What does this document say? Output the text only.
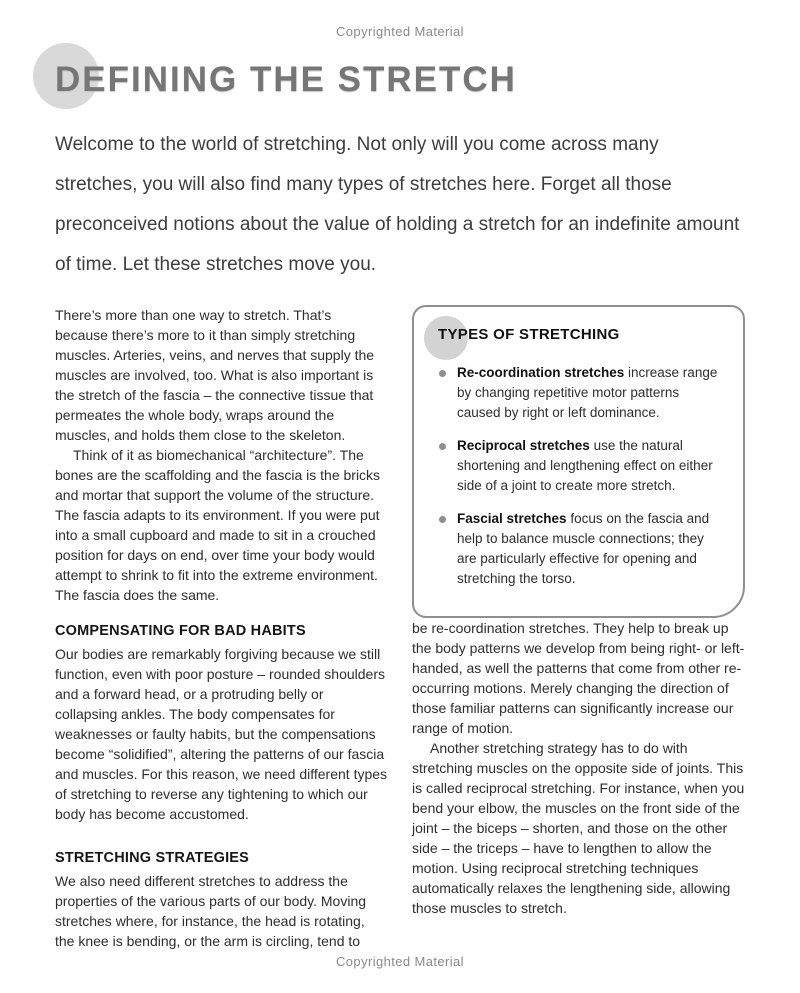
Copyrighted Material
DEFINING THE STRETCH

Welcome to the world of stretching. Not only will you come across many stretches, you will also find many types of stretches here. Forget all those preconceived notions about the value of holding a stretch for an indefinite amount of time. Let these stretches move you.

There’s more than one way to stretch. That’s because there’s more to it than simply stretching muscles. Arteries, veins, and nerves that supply the muscles are involved, too. What is also important is the stretch of the fascia – the connective tissue that permeates the whole body, wraps around the muscles, and holds them close to the skeleton.

Think of it as biomechanical “architecture”. The bones are the scaffolding and the fascia is the bricks and mortar that support the volume of the structure. The fascia adapts to its environment. If you were put into a small cupboard and made to sit in a crouched position for days on end, over time your body would attempt to shrink to fit into the extreme environment. The fascia does the same.

COMPENSATING FOR BAD HABITS

Our bodies are remarkably forgiving because we still function, even with poor posture – rounded shoulders and a forward head, or a protruding belly or collapsing ankles. The body compensates for weaknesses or faulty habits, but the compensations become “solidified”, altering the patterns of our fascia and muscles. For this reason, we need different types of stretching to reverse any tightening to which our body has become accustomed.

STRETCHING STRATEGIES

We also need different stretches to address the properties of the various parts of our body. Moving stretches where, for instance, the head is rotating, the knee is bending, or the arm is circling, tend to

TYPES OF STRETCHING
Re-coordination stretches increase range by changing repetitive motor patterns caused by right or left dominance.
Reciprocal stretches use the natural shortening and lengthening effect on either side of a joint to create more stretch.
Fascial stretches focus on the fascia and help to balance muscle connections; they are particularly effective for opening and stretching the torso.

be re-coordination stretches. They help to break up the body patterns we develop from being right- or left-handed, as well the patterns that come from other re-occurring motions. Merely changing the direction of those familiar patterns can significantly increase our range of motion.

Another stretching strategy has to do with stretching muscles on the opposite side of joints. This is called reciprocal stretching. For instance, when you bend your elbow, the muscles on the front side of the joint – the biceps – shorten, and those on the other side – the triceps – have to lengthen to allow the motion. Using reciprocal stretching techniques automatically relaxes the lengthening side, allowing those muscles to stretch.

Copyrighted Material
